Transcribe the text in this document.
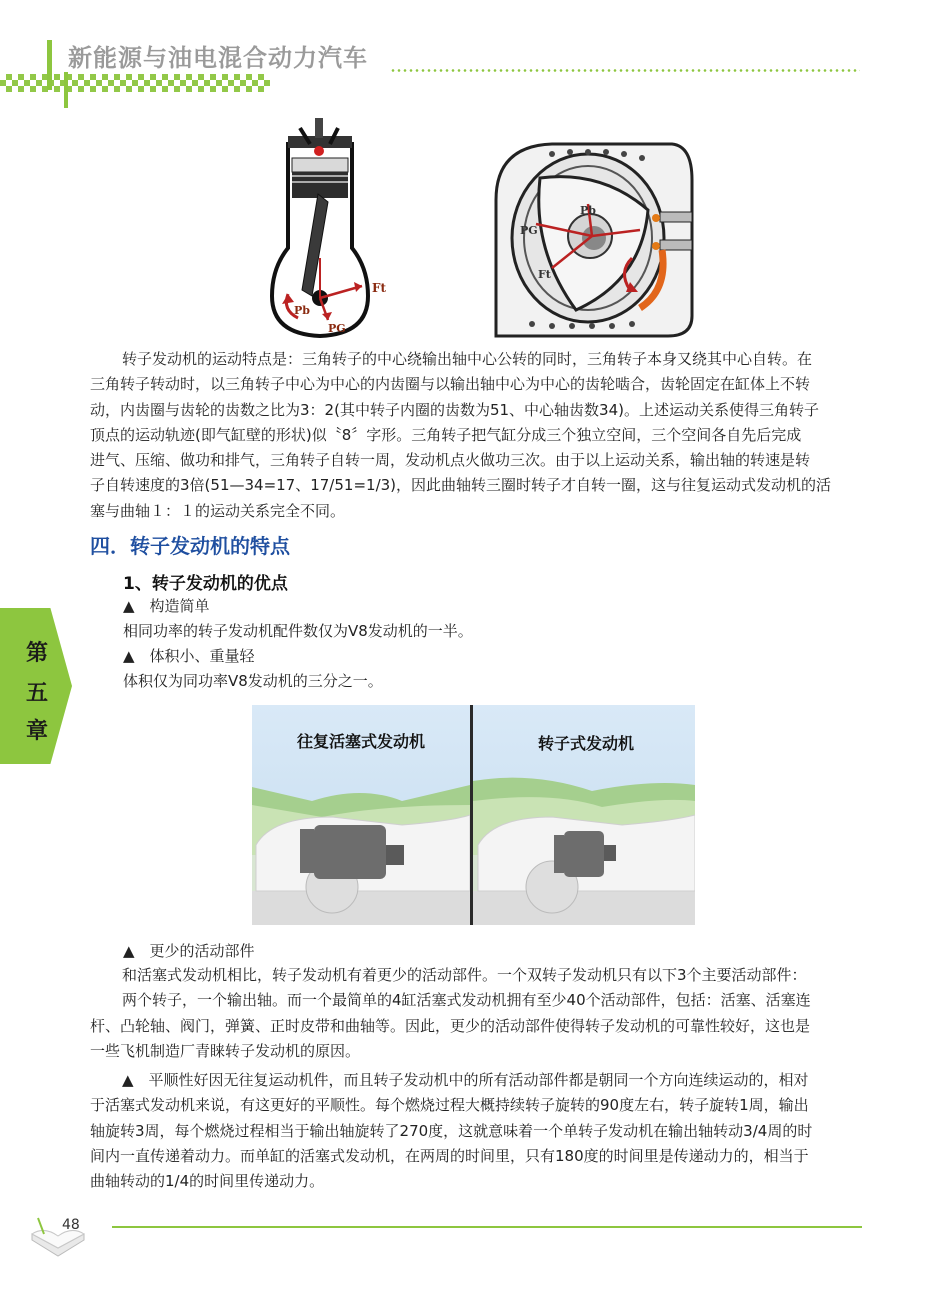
新能源与油电混合动力汽车
第
五
章
Ft
Pb
PG
Pb
PG
Ft

转子发动机的运动特点是：三角转子的中心绕输出轴中心公转的同时，三角转子本身又绕其中心自转。在
三角转子转动时，以三角转子中心为中心的内齿圈与以输出轴中心为中心的齿轮啮合，齿轮固定在缸体上不转
动，内齿圈与齿轮的齿数之比为3：2(其中转子内圈的齿数为51、中心轴齿数34)。上述运动关系使得三角转子
顶点的运动轨迹(即气缸壁的形状)似〝8〞字形。三角转子把气缸分成三个独立空间，三个空间各自先后完成
进气、压缩、做功和排气，三角转子自转一周，发动机点火做功三次。由于以上运动关系，输出轴的转速是转
子自转速度的3倍(51—34=17、17/51=1/3)，因此曲轴转三圈时转子才自转一圈，这与往复运动式发动机的活
塞与曲轴１：１的运动关系完全不同。

四．转子发动机的特点
1、转子发动机的优点
▲　构造简单
相同功率的转子发动机配件数仅为V8发动机的一半。
▲　体积小、重量轻
体积仅为同功率V8发动机的三分之一。
往复活塞式发动机	转子式发动机
▲　更少的活动部件

和活塞式发动机相比，转子发动机有着更少的活动部件。一个双转子发动机只有以下3个主要活动部件：
两个转子，一个输出轴。而一个最简单的4缸活塞式发动机拥有至少40个活动部件，包括：活塞、活塞连
杆、凸轮轴、阀门，弹簧、正时皮带和曲轴等。因此，更少的活动部件使得转子发动机的可靠性较好，这也是
一些飞机制造厂青睐转子发动机的原因。

▲　平顺性好因无往复运动机件，而且转子发动机中的所有活动部件都是朝同一个方向连续运动的，相对
于活塞式发动机来说，有这更好的平顺性。每个燃烧过程大概持续转子旋转的90度左右，转子旋转1周，输出
轴旋转3周，每个燃烧过程相当于输出轴旋转了270度，这就意味着一个单转子发动机在输出轴转动3/4周的时
间内一直传递着动力。而单缸的活塞式发动机，在两周的时间里，只有180度的时间里是传递动力的，相当于
曲轴转动的1/4的时间里传递动力。

48
